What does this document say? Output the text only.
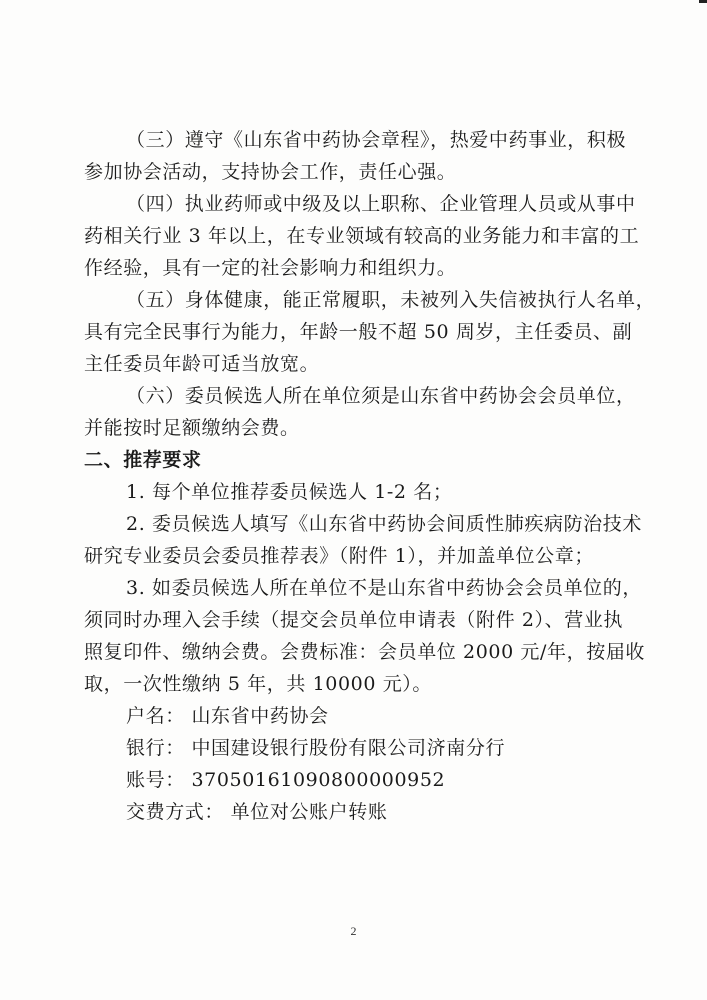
（三）遵守《山东省中药协会章程》，热爱中药事业，积极
参加协会活动，支持协会工作，责任心强。
（四）执业药师或中级及以上职称、企业管理人员或从事中
药相关行业 3 年以上，在专业领域有较高的业务能力和丰富的工
作经验，具有一定的社会影响力和组织力。
（五）身体健康，能正常履职，未被列入失信被执行人名单，
具有完全民事行为能力，年龄一般不超 50 周岁，主任委员、副
主任委员年龄可适当放宽。
（六）委员候选人所在单位须是山东省中药协会会员单位，
并能按时足额缴纳会费。
二、推荐要求
1. 每个单位推荐委员候选人 1-2 名；
2. 委员候选人填写《山东省中药协会间质性肺疾病防治技术
研究专业委员会委员推荐表》（附件 1），并加盖单位公章；
3. 如委员候选人所在单位不是山东省中药协会会员单位的，
须同时办理入会手续（提交会员单位申请表（附件 2）、营业执
照复印件、缴纳会费。会费标准：会员单位 2000 元/年，按届收
取，一次性缴纳 5 年，共 10000 元）。
户名： 山东省中药协会
银行： 中国建设银行股份有限公司济南分行
账号： 37050161090800000952
交费方式： 单位对公账户转账
2
